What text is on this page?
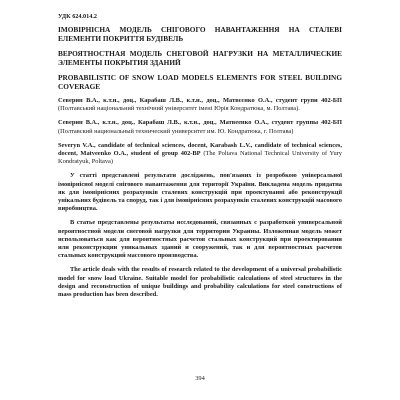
УДК 624.014.2

ІМОВІРНІСНА МОДЕЛЬ СНІГОВОГО НАВАНТАЖЕННЯ НА СТАЛЕВІ ЕЛЕМЕНТИ ПОКРИТТЯ БУДІВЕЛЬ

ВЕРОЯТНОСТНАЯ МОДЕЛЬ СНЕГОВОЙ НАГРУЗКИ НА МЕТАЛЛИЧЕСКИЕ ЭЛЕМЕНТЫ ПОКРЫТИЯ ЗДАНИЙ

PROBABILISTIC OF SNOW LOAD MODELS ELEMENTS FOR STEEL BUILDING COVERAGE

Северин В.А., к.т.н., доц., Карабаш Л.В., к.т.н., доц., Матвєєнко О.А., студент групи 402-БП (Полтавський національний технічний університет імені Юрія Кондратюка, м. Полтава).

Северин В.А., к.т.н., доц., Карабаш Л.В., к.т.н., доц., Матвеенко О.А., студент группы 402-БП (Полтавский национальный технический университет им. Ю. Кондратюка, г. Полтава)

Severyn V.A., candidate of technical sciences, docent, Karabash L.V., candidate of technical sciences, docent, Matveenko O.A., student of group 402-BP (The Poltava National Technical University of Yury Kondratyuk, Poltava)

У статті представлені результати досліджень, пов'язаних із розробкою універсальної імовірнісної моделі снігового навантаження для території України. Викладена модель придатна як для імовірнісних розрахунків сталевих конструкцій при проектуванні або реконструкції унікальних будівель та споруд, так і для імовірнісних розрахунків сталевих конструкцій масового виробництва.

В статье представлены результаты исследований, связанных с разработкой универсальной вероятностной модели снеговой нагрузки для территории Украины. Изложенная модель может использоваться как для вероятностных расчетов стальных конструкций при проектировании или реконструкции уникальных зданий и сооружений, так и для вероятностных расчетов стальных конструкций массового производства.

The article deals with the results of research related to the development of a universal probabilistic model for snow load Ukraine. Suitable model for probabilistic calculations of steel structures in the design and reconstruction of unique buildings and probability calculations for steel constructions of mass production has been described.

394
